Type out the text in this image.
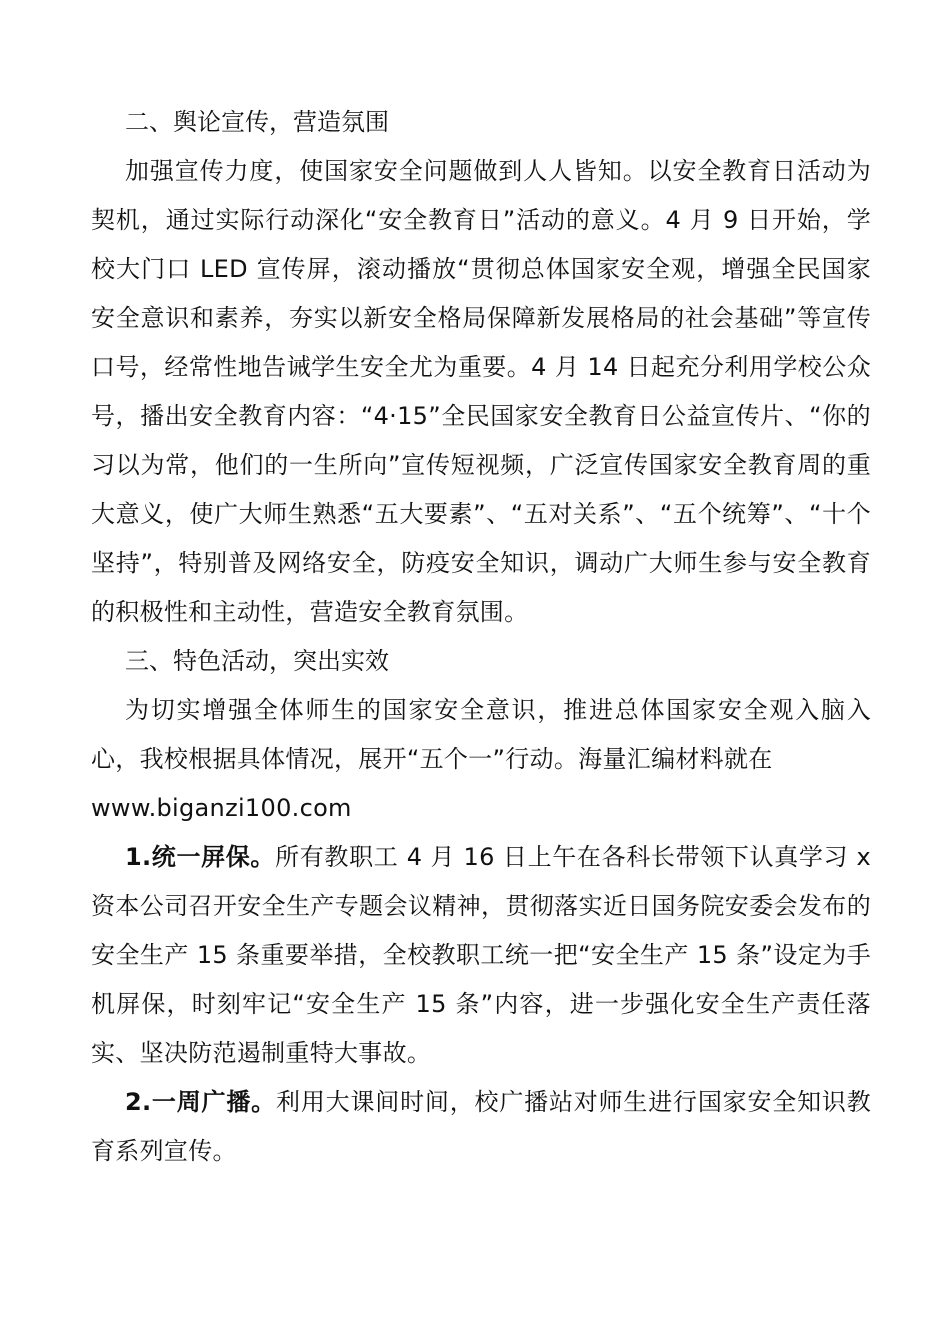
二、舆论宣传，营造氛围

加强宣传力度，使国家安全问题做到人人皆知。以安全教育日活动为契机，通过实际行动深化“安全教育日”活动的意义。4 月 9 日开始，学校大门口 LED 宣传屏，滚动播放“贯彻总体国家安全观，增强全民国家安全意识和素养，夯实以新安全格局保障新发展格局的社会基础”等宣传口号，经常性地告诫学生安全尤为重要。4 月 14 日起充分利用学校公众号，播出安全教育内容：“4·15”全民国家安全教育日公益宣传片、“你的习以为常，他们的一生所向”宣传短视频，广泛宣传国家安全教育周的重大意义，使广大师生熟悉“五大要素”、“五对关系”、“五个统筹”、“十个坚持”，特别普及网络安全，防疫安全知识，调动广大师生参与安全教育的积极性和主动性，营造安全教育氛围。

三、特色活动，突出实效

为切实增强全体师生的国家安全意识，推进总体国家安全观入脑入心，我校根据具体情况，展开“五个一”行动。海量汇编材料就在

www.biganzi100.com

1.统一屏保。所有教职工 4 月 16 日上午在各科长带领下认真学习 x 资本公司召开安全生产专题会议精神，贯彻落实近日国务院安委会发布的安全生产 15 条重要举措，全校教职工统一把“安全生产 15 条”设定为手机屏保，时刻牢记“安全生产 15 条”内容，进一步强化安全生产责任落实、坚决防范遏制重特大事故。

2.一周广播。利用大课间时间，校广播站对师生进行国家安全知识教育系列宣传。
